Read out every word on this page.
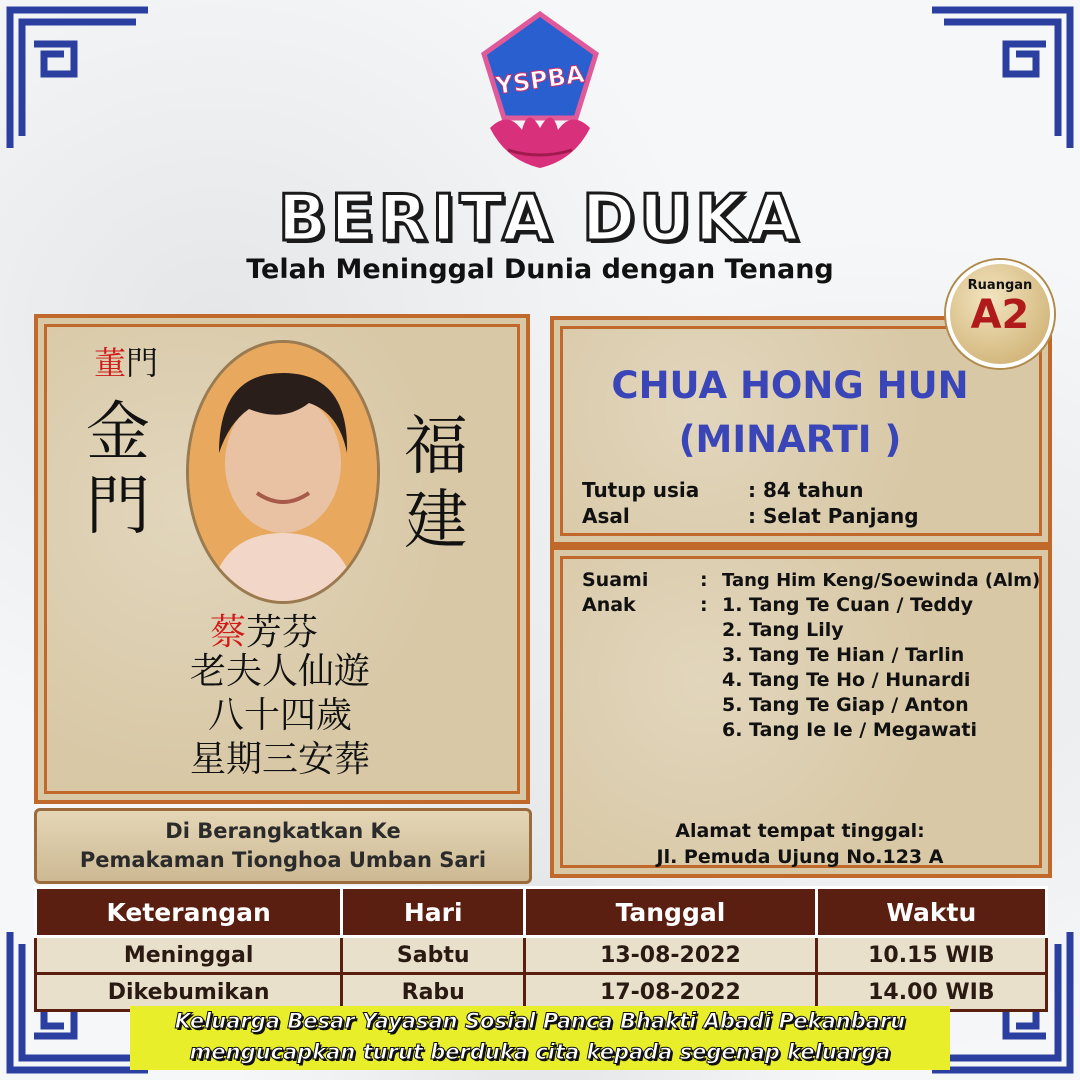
YSPBA
BERITA DUKA
Telah Meninggal Dunia dengan Tenang
董門
金
門
福
建
蔡芳芬
老夫人仙遊
八十四歲
星期三安葬
Di Berangkatkan Ke
Pemakaman Tionghoa Umban Sari
Ruangan
A2
CHUA HONG HUN
(MINARTI )
Tutup usia : 84 tahun
Asal	: Selat Panjang
Suami	: Tang Him Keng/Soewinda (Alm)
Anak	: 1. Tang Te Cuan / Teddy
2. Tang Lily
3. Tang Te Hian / Tarlin
4. Tang Te Ho / Hunardi
5. Tang Te Giap / Anton
6. Tang Ie Ie / Megawati
Alamat tempat tinggal:
Jl. Pemuda Ujung No.123 A
Keterangan	Hari	Tanggal	Waktu
Meninggal	Sabtu	13-08-2022	10.15 WIB
Dikebumikan	Rabu	17-08-2022	14.00 WIB
Keluarga Besar Yayasan Sosial Panca Bhakti Abadi Pekanbaru
mengucapkan turut berduka cita kepada segenap keluarga
